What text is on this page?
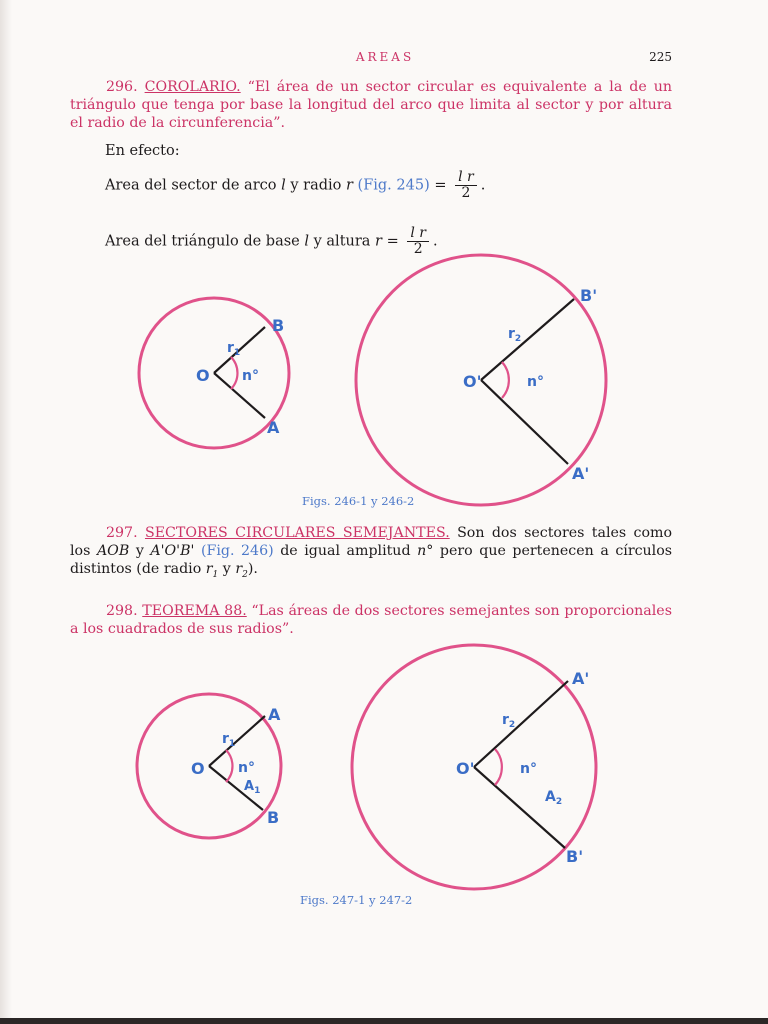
AREAS	225
296. COROLARIO. “El área de un sector circular es equivalente a la de un triángulo que tenga por base la longitud del arco que limita al sector y por altura el radio de la circunferencia”.
En efecto:
Area del sector de arco l y radio r (Fig. $245) = \frac{\text{l r}}{2}$ .
Area del triángulo de base l y altura $r = \frac{\text{l r}}{2}$ .
O
B
A
$r_1$
n°	O'
B'
A'
$r_2$
n°
O
A
B
$r_1$
n°
$A_1$
O'
A'
B'
$r_2$
n°
$A_2$
Figs. 246-1 y 246-2
297. SECTORES CIRCULARES SEMEJANTES. Son dos sectores tales como los AOB y A'O'B' (Fig. 246) de igual amplitud n° pero que pertenecen a círculos distintos (de radio $r_1$ y $r_2$).
298. TEOREMA 88. “Las áreas de dos sectores semejantes son proporcionales a los cuadrados de sus radios”.
Figs. 247-1 y 247-2
